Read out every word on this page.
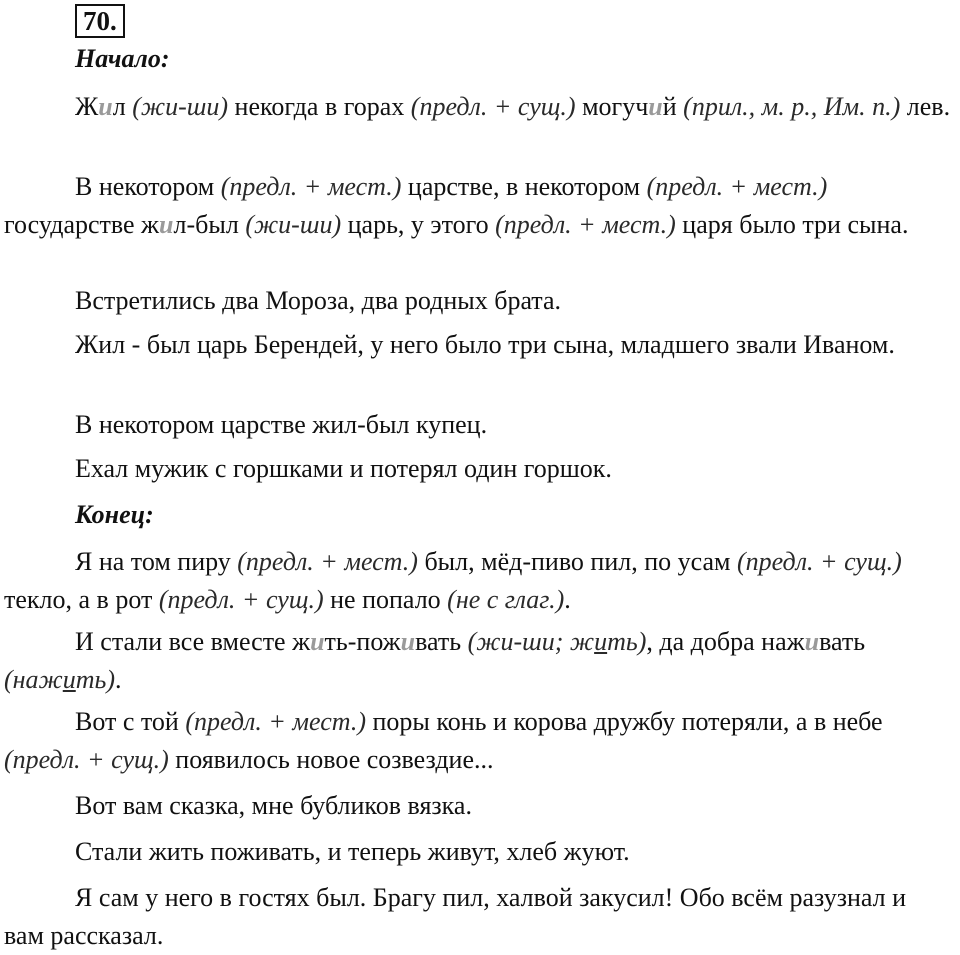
70.
Начало:
Жил (жи-ши) некогда в горах (предл. + сущ.) могучий (прил., м. р., Им. п.) лев.
В некотором (предл. + мест.) царстве, в некотором (предл. + мест.) государстве жил-был (жи-ши) царь, у этого (предл. + мест.) царя было три сына.
Встретились два Мороза, два родных брата.
Жил - был царь Берендей, у него было три сына, младшего звали Иваном.
В некотором царстве жил-был купец.
Ехал мужик с горшками и потерял один горшок.
Конец:
Я на том пиру (предл. + мест.) был, мёд-пиво пил, по усам (предл. + сущ.) текло, а в рот (предл. + сущ.) не попало (не с глаг.).
И стали все вместе жить-поживать (жи-ши; жить), да добра наживать (нажить).
Вот с той (предл. + мест.) поры конь и корова дружбу потеряли, а в небе (предл. + сущ.) появилось новое созвездие...
Вот вам сказка, мне бубликов вязка.
Стали жить поживать, и теперь живут, хлеб жуют.
Я сам у него в гостях был. Брагу пил, халвой закусил! Обо всём разузнал и вам рассказал.
